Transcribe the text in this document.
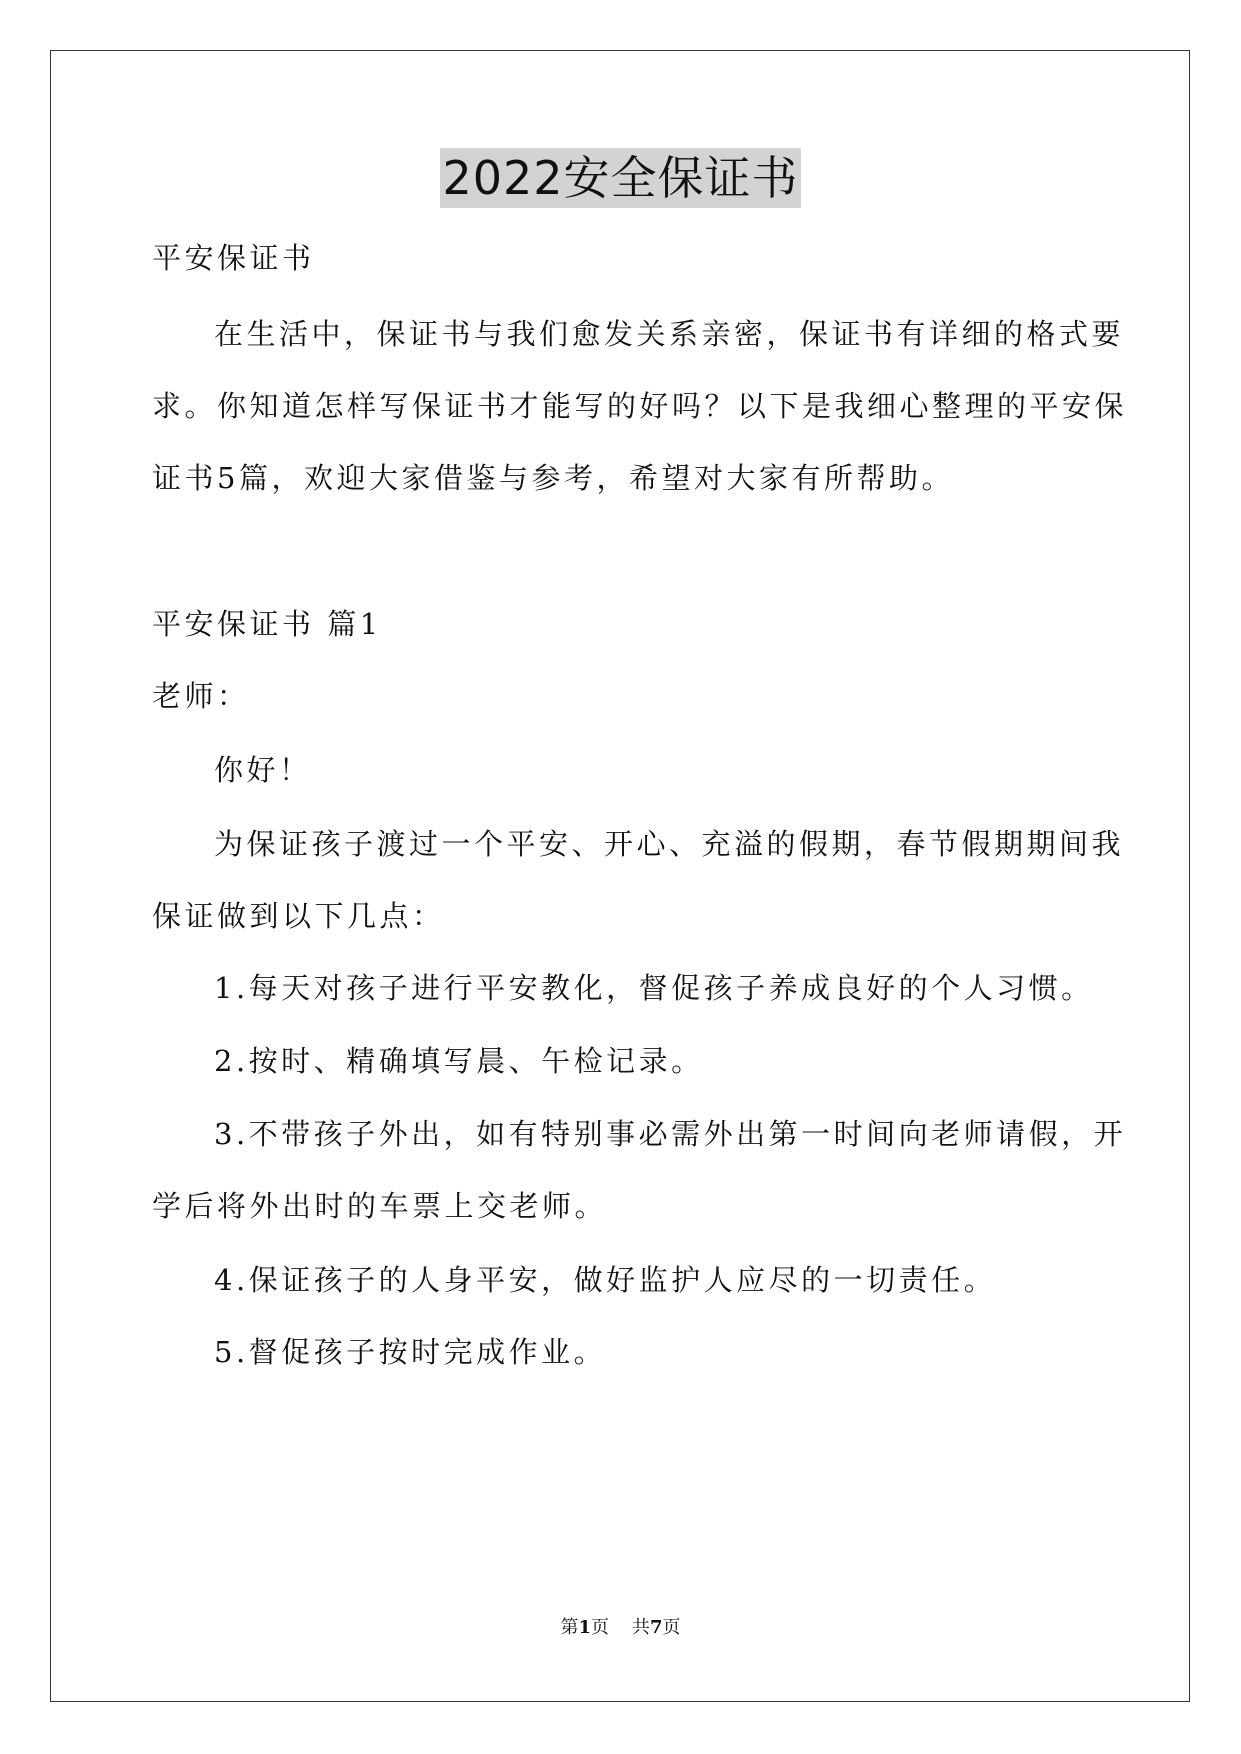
2022安全保证书
平安保证书
在生活中，保证书与我们愈发关系亲密，保证书有详细的格式要
求。你知道怎样写保证书才能写的好吗？以下是我细心整理的平安保
证书5篇，欢迎大家借鉴与参考，希望对大家有所帮助。
平安保证书 篇1
老师：
你好！
为保证孩子渡过一个平安、开心、充溢的假期，春节假期期间我
保证做到以下几点：
1.每天对孩子进行平安教化，督促孩子养成良好的个人习惯。
2.按时、精确填写晨、午检记录。
3.不带孩子外出，如有特别事必需外出第一时间向老师请假，开
学后将外出时的车票上交老师。
4.保证孩子的人身平安，做好监护人应尽的一切责任。
5.督促孩子按时完成作业。
第1页    共7页
